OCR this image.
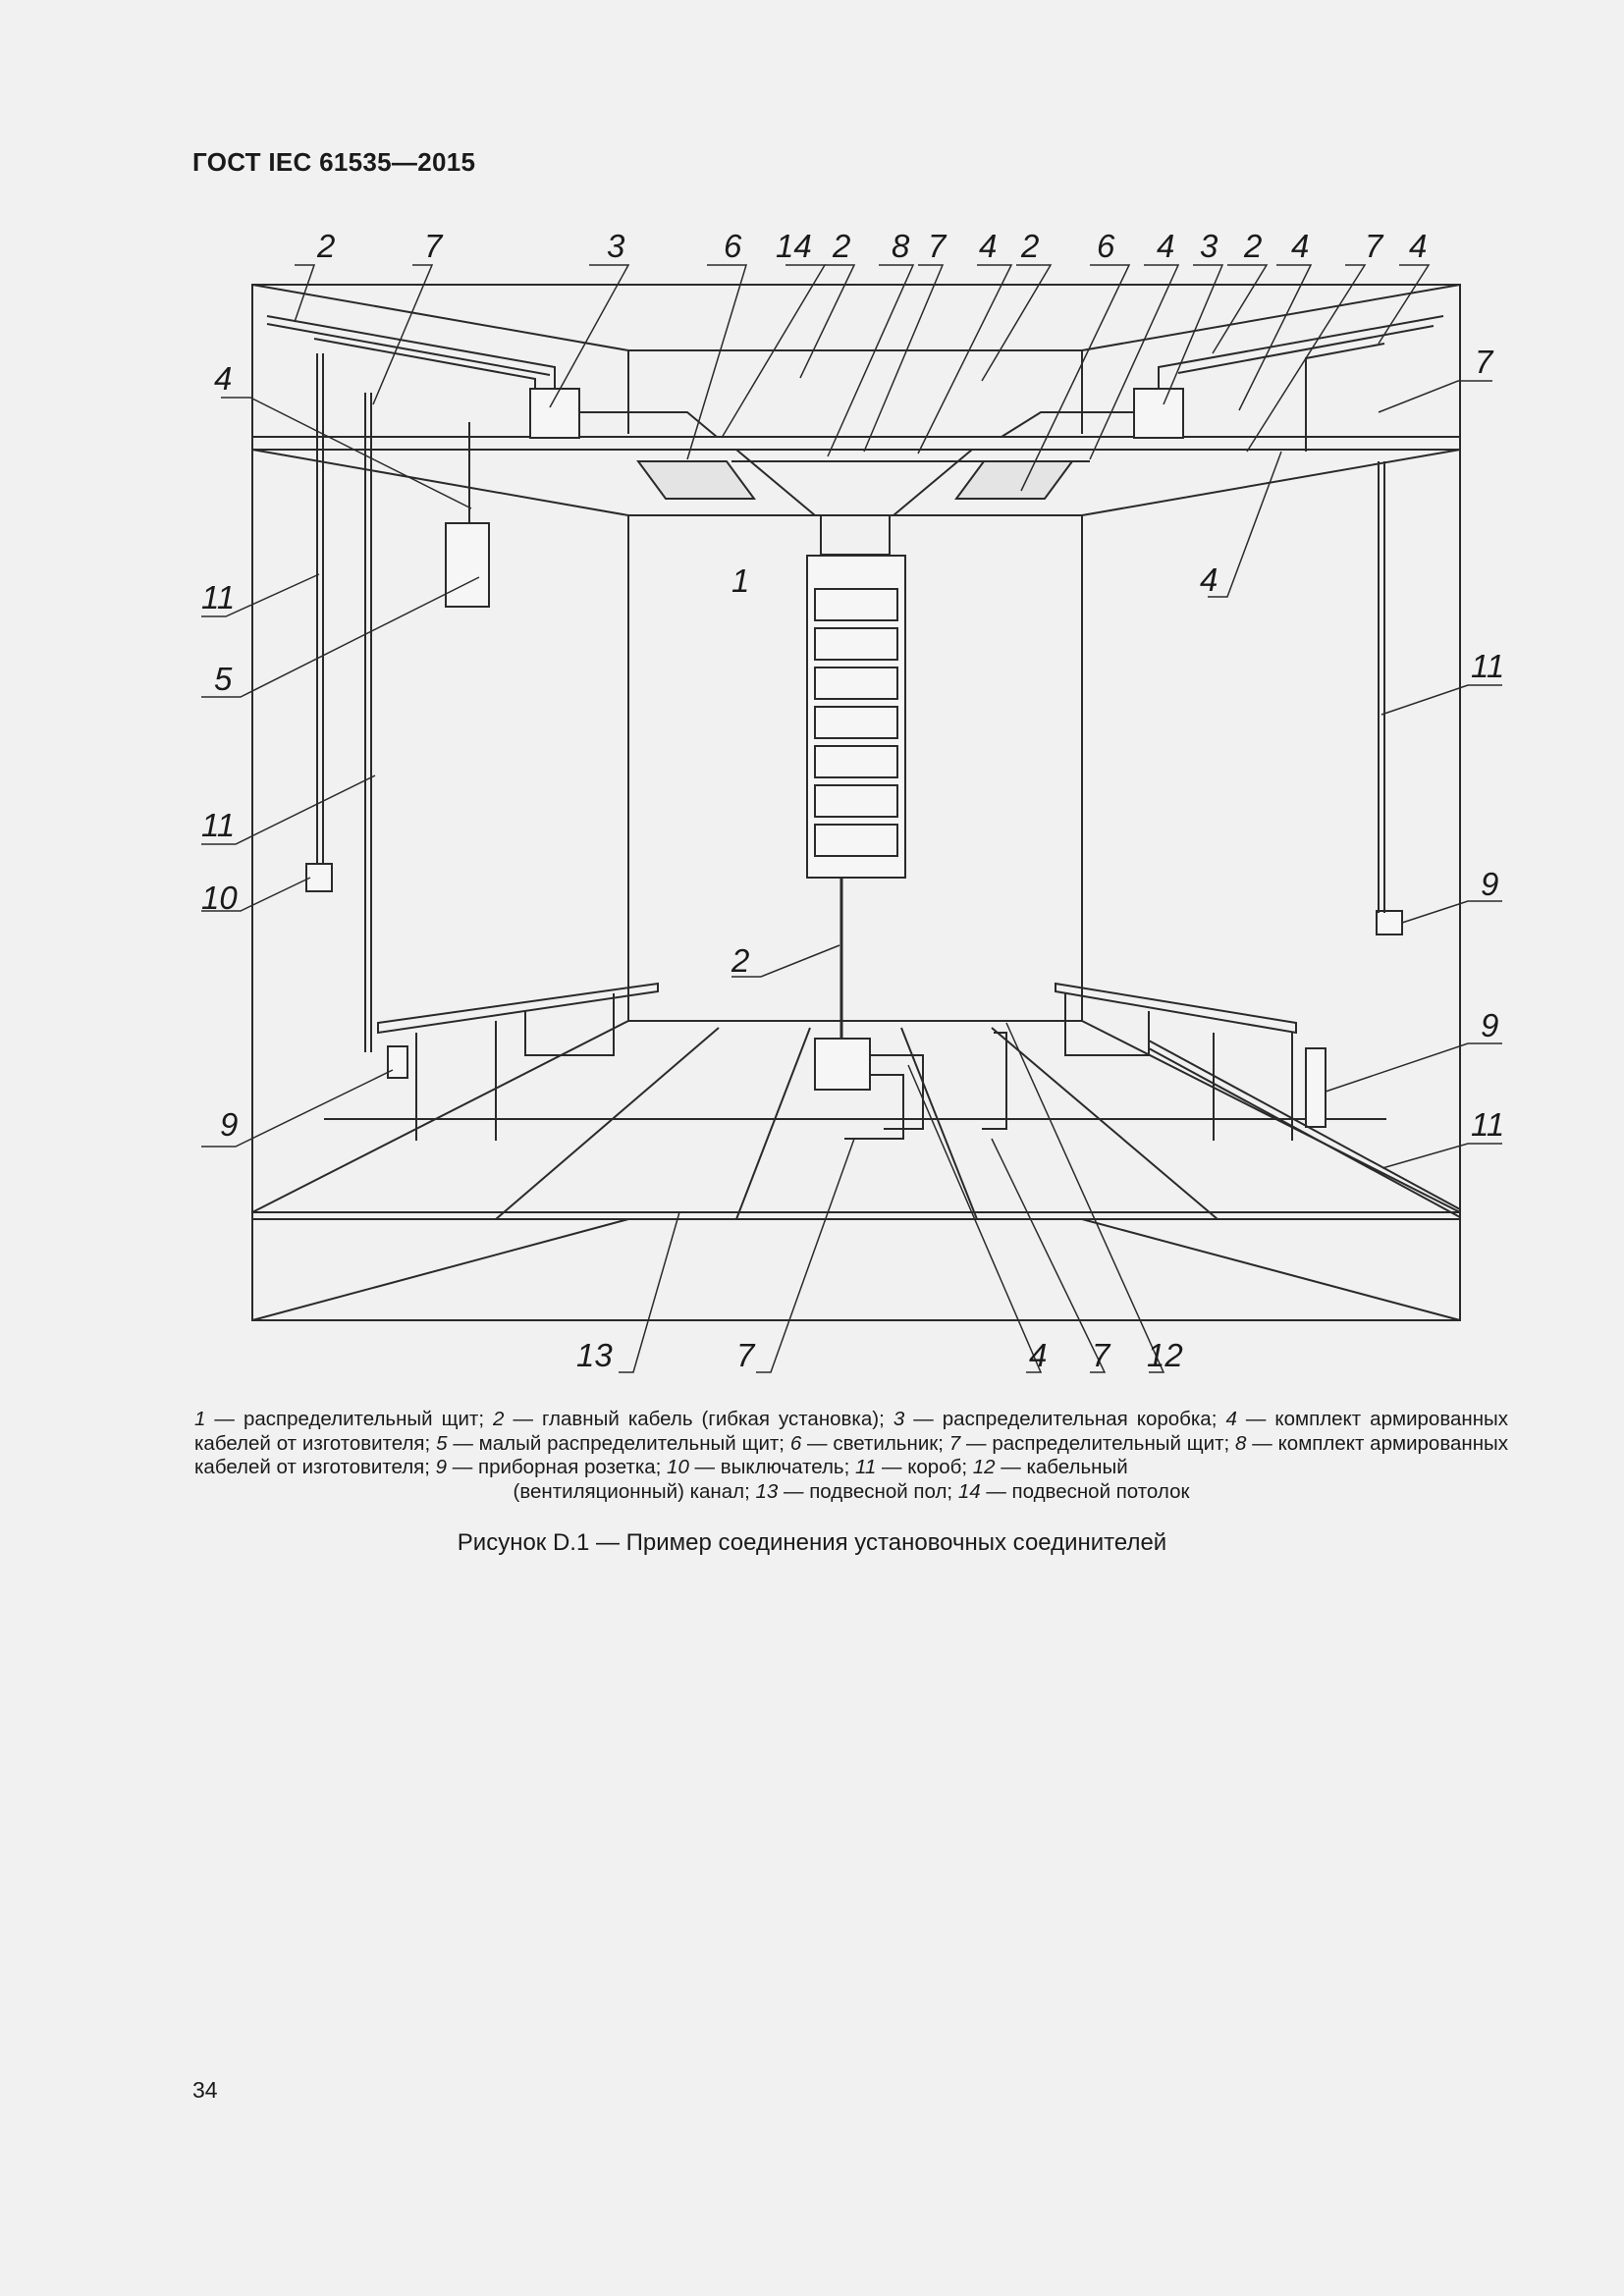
ГОСТ IEC 61535—2015
2	7	3	6 14 2 8 7 4 2 6 4 3 2 4 7 4
4	7
1	4
11
5	11
11
10	9
2
9
9	11
13	7	4 7 12
1 — распределительный щит; 2 — главный кабель (гибкая установка); 3 — распределительная коробка; 4 — комплект армированных кабелей от изготовителя; 5 — малый распределительный щит; 6 — светильник; 7 — распределительный щит; 8 — комплект армированных кабелей от изготовителя; 9 — приборная розетка; 10 — выключатель; 11 — короб; 12 — кабельный
(вентиляционный) канал; 13 — подвесной пол; 14 — подвесной потолок
Рисунок D.1 — Пример соединения установочных соединителей
34
